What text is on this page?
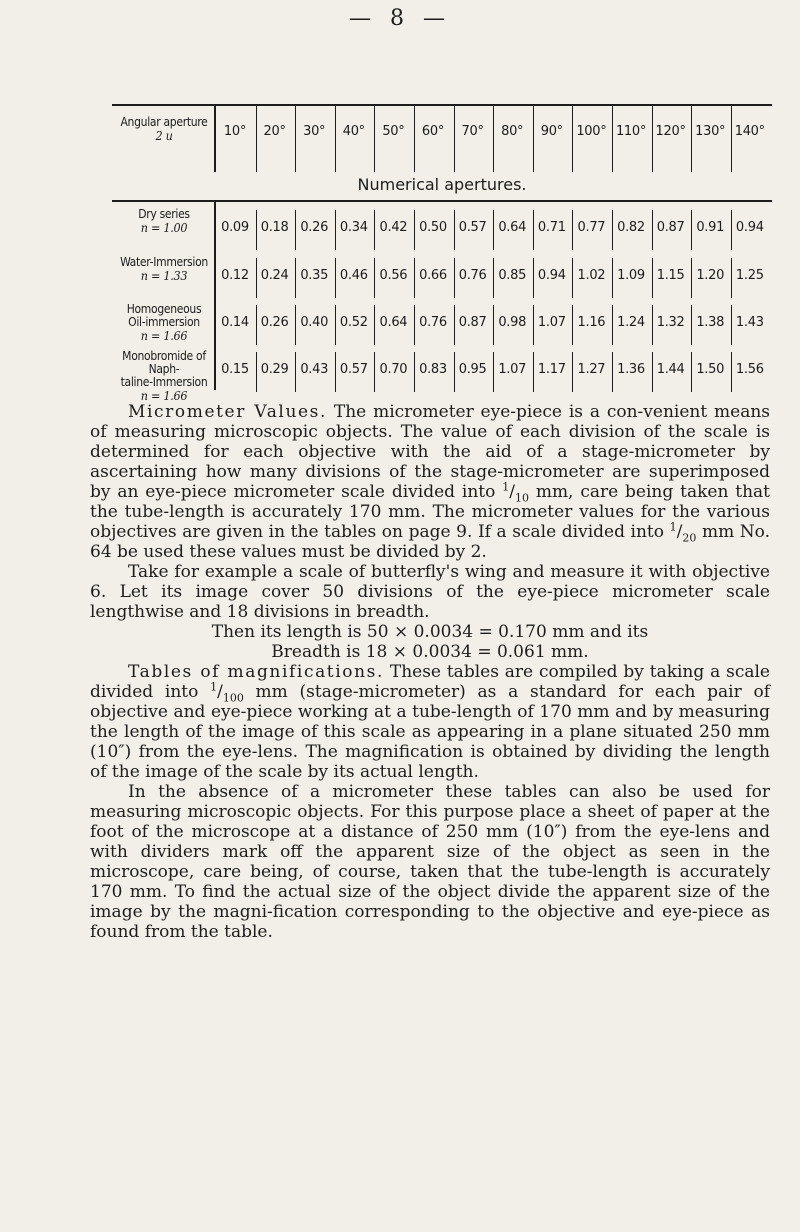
— 8 —
Angular aperture
2 u	10°	20°	30°	40°	50°	60°	70°	80°	90°	100° 110° 120° 130° 140°
Numerical apertures.
Dry series
n = 1.00	0.09 0.18 0.26 0.34 0.42 0.50 0.57 0.64 0.71 0.77 0.82 0.87 0.91 0.94
Water-Immersion
n = 1.33	0.12 0.24 0.35 0.46 0.56 0.66 0.76 0.85 0.94 1.02 1.09 1.15 1.20 1.25
Homogeneous
Oil-immersion
n = 1.66
0.14 0.26 0.40 0.52 0.64 0.76 0.87 0.98 1.07 1.16 1.24 1.32 1.38 1.43
Monobromide of Naph-
taline-Immersion
n = 1.66
0.15 0.29 0.43 0.57 0.70 0.83 0.95 1.07 1.17 1.27 1.36 1.44 1.50 1.56

Micrometer Values. The micrometer eye-piece is a con-venient means of measuring microscopic objects. The value of each division of the scale is determined for each objective with the aid of a stage-micrometer by ascertaining how many divisions of the stage-micrometer are superimposed by an eye-piece micrometer scale divided into $^1/_{10}$ mm, care being taken that the tube-length is accurately 170 mm. The micrometer values for the various objectives are given in the tables on page 9. If a scale divided into $^1/_{20}$ mm No. 64 be used these values must be divided by 2.

Take for example a scale of butterfly's wing and measure it with objective 6. Let its image cover 50 divisions of the eye-piece micrometer scale lengthwise and 18 divisions in breadth.

Then its length is 50 × 0.0034 = 0.170 mm and its

Breadth is 18 × 0.0034 = 0.061 mm.

Tables of magnifications. These tables are compiled by taking a scale divided into $^1/_{100}$ mm (stage-micrometer) as a standard for each pair of objective and eye-piece working at a tube-length of 170 mm and by measuring the length of the image of this scale as appearing in a plane situated 250 mm (10″) from the eye-lens. The magnification is obtained by dividing the length of the image of the scale by its actual length.

In the absence of a micrometer these tables can also be used for measuring microscopic objects. For this purpose place a sheet of paper at the foot of the microscope at a distance of 250 mm (10″) from the eye-lens and with dividers mark off the apparent size of the object as seen in the microscope, care being, of course, taken that the tube-length is accurately 170 mm. To find the actual size of the object divide the apparent size of the image by the magni-fication corresponding to the objective and eye-piece as found from the table.
